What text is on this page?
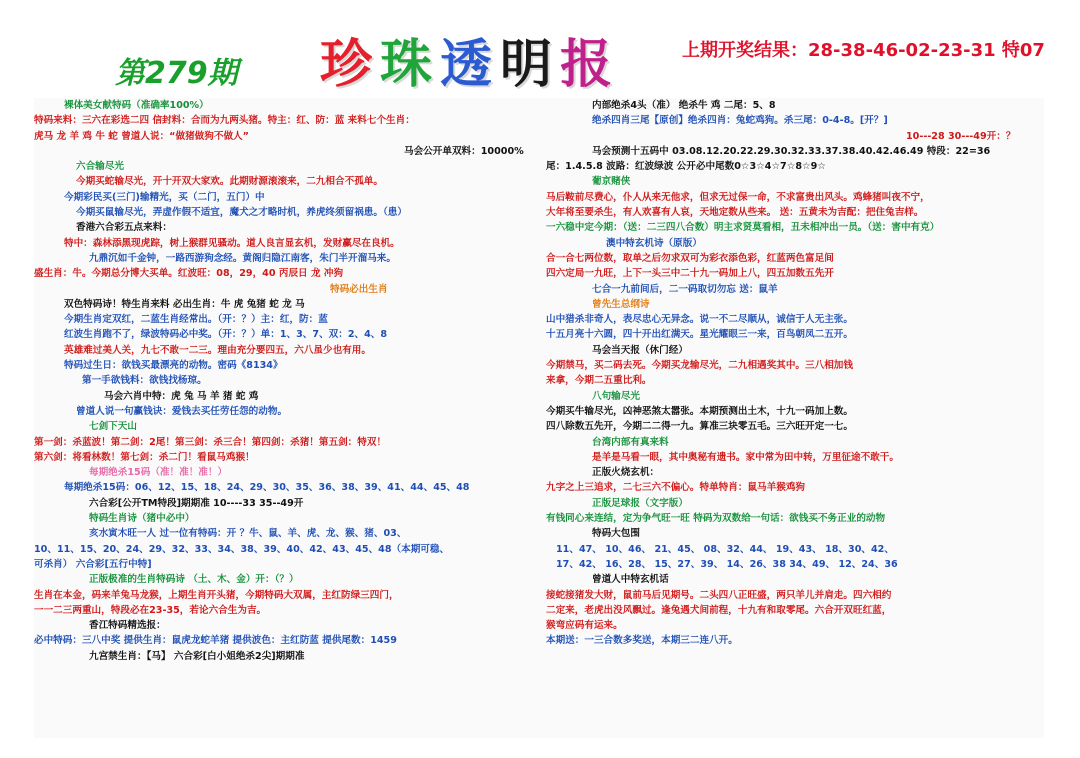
第279期 珍 珠 透 明 报	上期开奖结果：28-38-46-02-23-31 特07

裸体美女献特码（准确率100%）

特码来料：三六在彩选二四 信封料：合而为九两头猪。特主：红、防：蓝 来料七个生肖：

虎马 龙 羊 鸡 牛 蛇 曾道人说：“做猪做狗不做人”

马会公开单双料：10000%

六合输尽光

今期买蛇输尽光，开十开双大家欢。此期财源滚滚来，二九相合不孤单。

今期彩民买(三门)输精光，买（二门，五门）中

今期买鼠输尽光，弄虚作假不适宜，魔犬之才略时机，养虎终须留祸患。（患）

香港六合彩五点来料：

特中：森林添黑现虎踪，树上猴群见骚动。道人良言显玄机，发财赢尽在良机。

九鼎沉如千金钟，一路西游狗念经。黄阁归隐江南客，朱门半开溜马来。

盛生肖：牛。今期总分博大买单。红波旺：08，29，40 丙辰日 龙 冲狗

特码必出生肖

双色特码诗！特生肖来料 必出生肖：牛 虎 兔猪 蛇 龙 马

今期生肖定双红，二蓝生肖经常出。（开：？）主：红，防：蓝

红波生肖跑不了，绿波特码必中奖。（开：？）单：1、3、7、双：2、4、8

英雄难过美人关，九七不敢一二三。理由充分要四五，六八虽少也有用。

特码过生日：欲钱买最漂亮的动物。密码《8134》

第一手欲钱料：欲钱找杨琼。

马会六肖中特：虎 兔 马 羊 猪 蛇 鸡

曾道人说一句赢钱诀：爱钱去买任劳任怨的动物。

七剑下天山

第一剑：杀蓝波！第二剑：2尾！第三剑：杀三合！第四剑：杀猪！第五剑：特双！

第六剑：将看林数！第七剑：杀二门！看鼠马鸡猴！

每期绝杀15码（准！准！准！）

每期绝杀15码：06、12、15、18、24、29、30、35、36、38、39、41、44、45、48

六合彩[公开TM特段]期期准 10----33 35--49开

特码生肖诗（猪中必中）

亥水寅木旺一人 过一位有特码：开 ？牛、鼠、羊、虎、龙、猴、猪、03、

10、11、15、20、24、29、32、33、34、38、39、40、42、43、45、48（本期可稳、

可杀肖） 六合彩[五行中特]

正版极准的生肖特码诗 （土、木、金）开：（？）

生肖在本金，码来羊兔马龙猴，上期生肖开头猪，今期特码大双属，主红防绿三四门，

一一二三两重山，特段必在23-35，若论六合生为吉。

香江特码精选报：

必中特码：三八中奖 提供生肖：鼠虎龙蛇羊猪 提供波色：主红防蓝 提供尾数：1459

九宫禁生肖：【马】 六合彩[白小姐绝杀2尖]期期准

内部绝杀4头（准） 绝杀牛 鸡 二尾：5、8

绝杀四肖三尾【原创】绝杀四肖：兔蛇鸡狗。杀三尾：0-4-8。[开？]

10---28 30---49开：？

马会预测十五码中 03.08.12.20.22.29.30.32.33.37.38.40.42.46.49 特段：22=36

尾：1.4.5.8 波路：红波绿波 公开必中尾数0☆3☆4☆7☆8☆9☆

葡京赌侠

马后鞍前尽费心，仆人从来无他求，但求无过保一命，不求富贵出风头。鸡蜂猪叫夜不宁，

大年将至要杀生，有人欢喜有人哀，天地定数从些来。 送：五黄未为吉配：把住兔吉样。

一六稳中定今期：（送：二三四八合数）明主求贤莫看相，丑未相冲出一员。（送：害中有克）

澳中特玄机诗（原版）

合一合七两位数，取单之后勿求双可为彩衣添色彩，红蓝两色富足间

四六定局一九旺，上下一头三中二十九一码加上八，四五加数五先开

七合一九前间后，二一码取切勿忘 送：鼠羊

曾先生总纲诗

山中猎杀非奇人，表尽忠心无异念。说一不二尽顺从，诚信于人无主张。

十五月亮十六圆，四十开出红满天。星光耀眼三一来，百鸟朝凤二五开。

马会当天报（休门经）

今期禁马，买二码去死。今期买龙输尽光，二九相遇奖其中。三八相加钱

来拿，今期二五重比利。

八句输尽光

今期买牛输尽光，凶神恶煞太嚣张。本期预测出土木，十九一码加上数。

四八除数五先开，今期二二得一九。算准三块零五毛。三六旺开定一七。

台湾内部有真来料

是羊是马看一眼，其中奥秘有遗书。家中常为田中转，万里征途不敢干。

正版火烧玄机：

九字之上三追求，二七三六不偏心。特单特肖：鼠马羊猴鸡狗

正版足球报（文字版）

有钱同心来连结，定为争气旺一旺 特码为双数给一句话：欲钱买不务正业的动物

特码大包围

11、47、 10、46、 21、45、 08、32、44、 19、43、 18、30、42、

17、42、 16、28、 15、27、39、 14、26、38 34、49、 12、24、36

曾道人中特玄机话

接蛇接猪发大财，鼠前马后见期号。二头四八正旺盛，两只羊儿并肩走。四六相约

二定来，老虎出没风飘过。逢兔遇犬间前程，十九有和取零尾。六合开双旺红蓝，

猴弯应码有运来。

本期送：一三合数多奖送，本期三二连八开。
